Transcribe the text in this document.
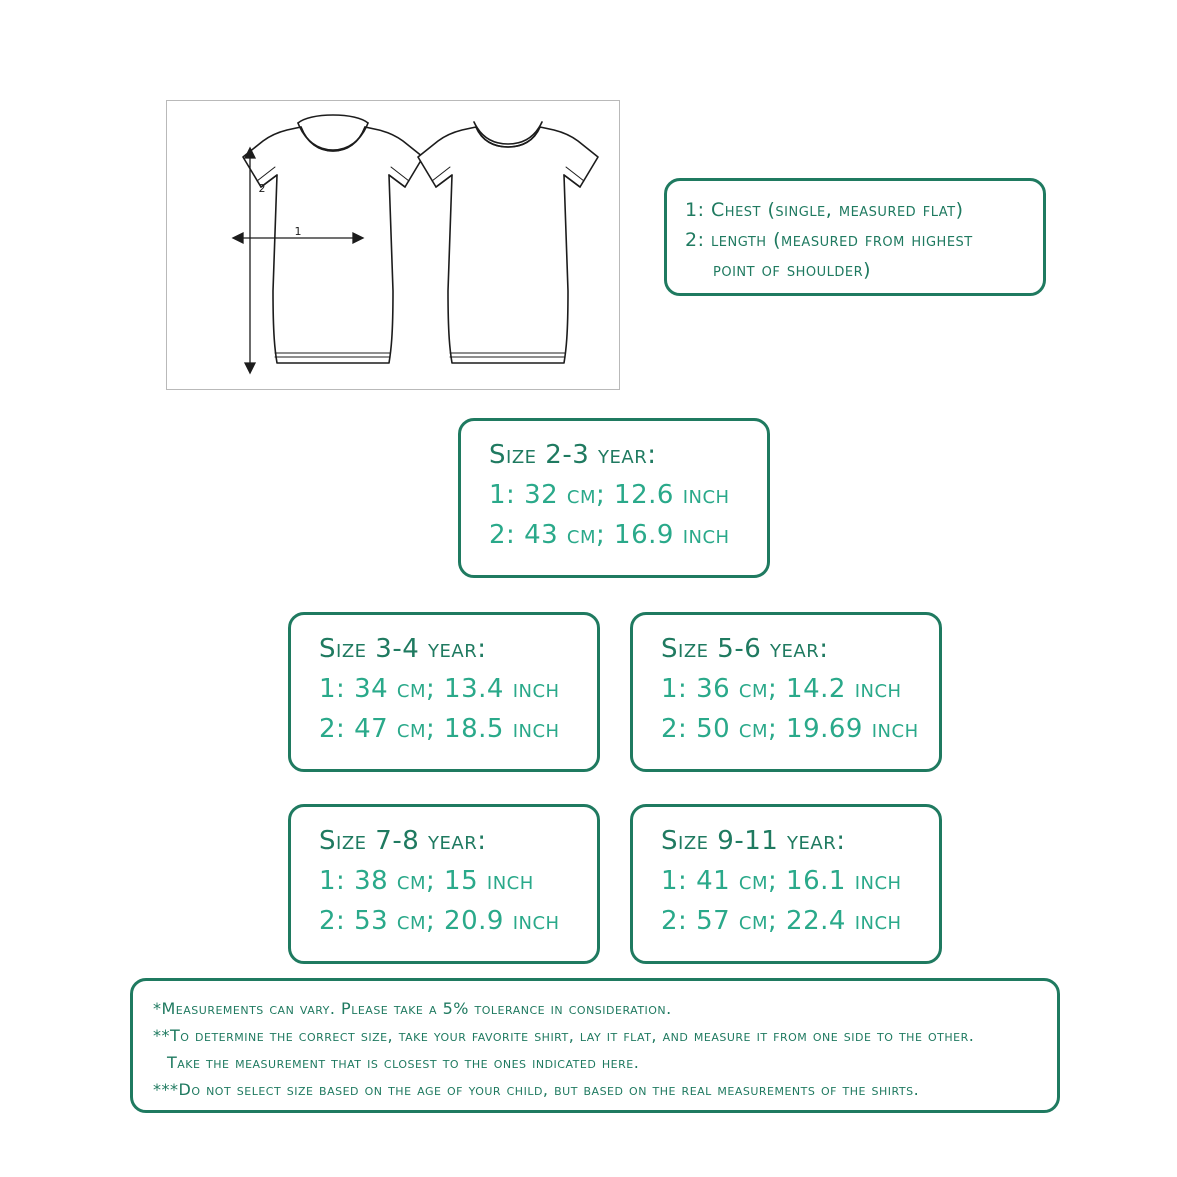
1
2
1: Chest (single, measured flat)
2: length (measured from highest
point of shoulder)
Size 2-3 year:
1: 32 cm; 12.6 inch
2: 43 cm; 16.9 inch
Size 3-4 year:
1: 34 cm; 13.4 inch
2: 47 cm; 18.5 inch
Size 5-6 year:
1: 36 cm; 14.2 inch
2: 50 cm; 19.69 inch
Size 7-8 year:
1: 38 cm; 15 inch
2: 53 cm; 20.9 inch
Size 9-11 year:
1: 41 cm; 16.1 inch
2: 57 cm; 22.4 inch
*Measurements can vary. Please take a 5% tolerance in consideration.
**To determine the correct size, take your favorite shirt, lay it flat, and measure it from one side to the other.
Take the measurement that is closest to the ones indicated here.
***Do not select size based on the age of your child, but based on the real measurements of the shirts.
